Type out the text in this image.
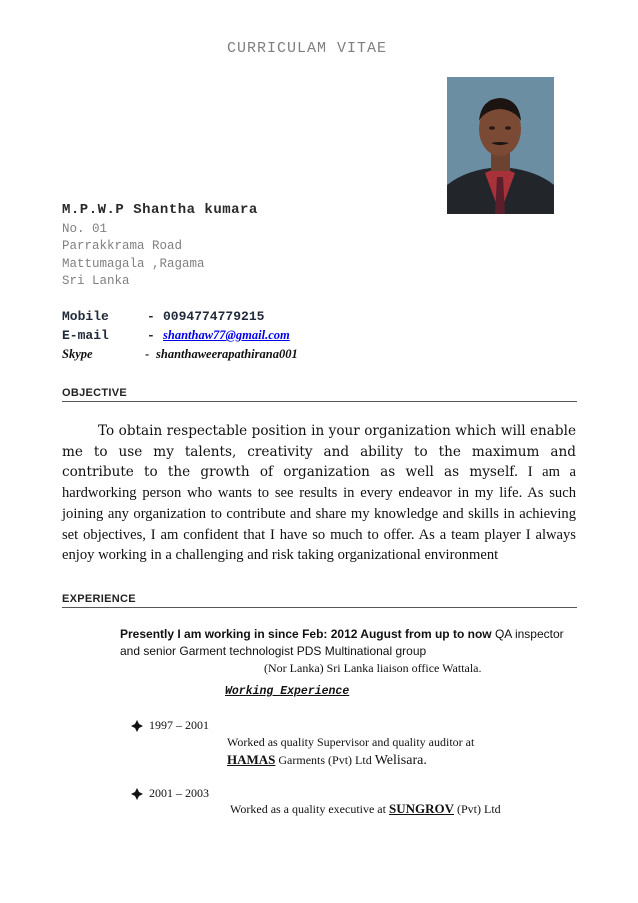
CURRICULAM VITAE
M.P.W.P Shantha kumara
No. 01
Parrakkrama Road
Mattumagala ,Ragama
Sri Lanka
Mobile	- 0094774779215
E-mail	- shanthaw77@gmail.com
Skype	- shanthaweerapathirana001
OBJECTIVE
To obtain respectable position in your organization which will enable me to use my talents, creativity and ability to the maximum and contribute to the growth of organization as well as myself. I am a hardworking person who wants to see results in every endeavor in my life. As such joining any organization to contribute and share my knowledge and skills in achieving set objectives, I am confident that I have so much to offer. As a team player I always enjoy working in a challenging and risk taking organizational environment
EXPERIENCE
Presently I am working in since Feb: 2012 August from up to now QA inspector and senior Garment technologist PDS Multinational group
(Nor Lanka) Sri Lanka liaison office Wattala.
Working Experience
1997 – 2001
Worked as quality Supervisor and quality auditor at
HAMAS Garments (Pvt) Ltd Welisara.
2001 – 2003
Worked as a quality executive at SUNGROV (Pvt) Ltd
